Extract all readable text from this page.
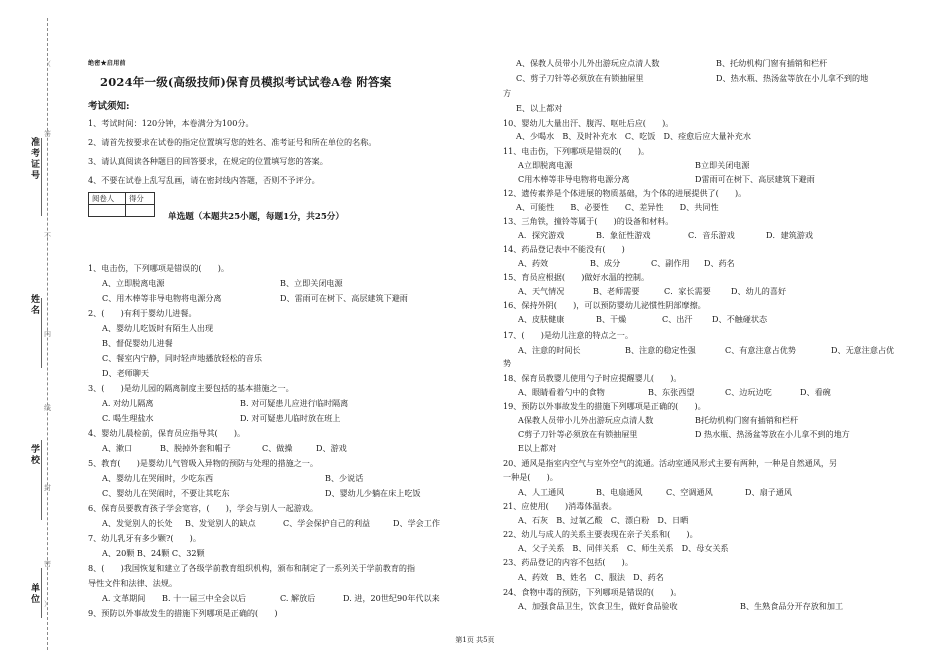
准考证号
姓名
学校
单位
（
答
不
内
线
封
密
）
绝密★启用前
2024年一级(高级技师)保育员模拟考试试卷A卷 附答案
考试须知:
1、考试时间：120分钟，本卷满分为100分。
2、请首先按要求在试卷的指定位置填写您的姓名、准考证号和所在单位的名称。
3、请认真阅读各种题目的回答要求，在规定的位置填写您的答案。
4、不要在试卷上乱写乱画，请在密封线内答题，否则不予评分。
阅卷人	得分

单选题（本题共25小题，每题1分，共25分）
1、电击伤，下列哪项是错误的(　　)。
A、立即脱离电源	B、立即关闭电源
C、用木棒等非导电物将电源分离	D、雷雨可在树下、高层建筑下避雨
2、(　　)有利于婴幼儿进餐。
A、婴幼儿吃饭时有陌生人出现
B、督促婴幼儿进餐
C、餐室内宁静，同时轻声地播放轻松的音乐
D、老师聊天
3、(　　)是幼儿园的隔离制度主要包括的基本措施之一。
A. 对幼儿隔离	B. 对可疑患儿应进行临时隔离
C. 喝生理盐水	D. 对可疑患儿临时放在班上
4、婴幼儿晨检前，保育员应指导其(　　)。
A、漱口	B、脱掉外套和帽子	C、做操	D、游戏
5、教育(　　)是婴幼儿气管吸入异物的预防与处理的措施之一。
A、婴幼儿在哭闹时，少吃东西	B、少说话
C、婴幼儿在哭闹时，不要让其吃东	D、婴幼儿少躺在床上吃饭
6、保育员要教育孩子学会宽容，(　　)，学会与别人一起游戏。
A、发觉别人的长处 B、发觉别人的缺点	C、学会保护自己的利益	D、学会工作
7、幼儿乳牙有多少颗?(　　)。
A、20颗 B、24颗 C、32颗
8、(　　)我国恢复和建立了各级学前教育组织机构，颁布和制定了一系列关于学前教育的指
导性文件和法律、法规。
A. 文革期间 B. 十一届三中全会以后	C. 解放后	D. 进，20世纪90年代以来
9、预防以外事故发生的措施下列哪项是正确的(　　)
A、保教人员带小儿外出游玩应点清人数	B、托幼机构门窗有插销和栏杆
C、剪子刀针等必须放在有锁抽屉里	D、热水瓶、热汤盆等放在小儿拿不到的地
方
E、以上都对
10、婴幼儿大量出汗、腹泻、呕吐后应(　　)。
A、少喝水　B、及时补充水　C、吃饭　D、痊愈后应大量补充水
11、电击伤，下列哪项是错误的(　　)。
A立即脱离电源	B立即关闭电源
C用木棒等非导电物将电源分离	D雷雨可在树下、高层建筑下避雨
12、遗传素养是个体进展的物质基础，为个体的进展提供了(　　)。
A、可能性　　B、必要性　　C、差异性　　D、共同性
13、三角铁，撞铃等属于(　　)的设备和材料。
A．探究游戏	B．象征性游戏	C．音乐游戏	D．建筑游戏
14、药品登记表中不能没有(　　)
A、药效	B、成分	C、副作用 D、药名
15、育员应根据(　　)做好水温的控制。
A、天气情况	B、老师需要	C．家长需要	D、幼儿的喜好
16、保持外阴(　　)，可以预防婴幼儿泌惯性阴部摩擦。
A、皮肤健康	B、干燥	C、出汗 D、不触碰状态
17、(　　)是幼儿注意的特点之一。
A、注意的时间长	B、注意的稳定性强	C、有意注意占优势	D、无意注意占优
势
18、保育员教婴儿使用勺子时应提醒婴儿(　　)。
A、眼睛看着勺中的食物	B、东张西望	C、边玩边吃	D、看碗
19、预防以外事故发生的措施下列哪项是正确的(　　)。
A保教人员带小儿外出游玩应点清人数	B托幼机构门窗有插销和栏杆
C剪子刀针等必须放在有锁抽屉里	D 热水瓶、热汤盆等放在小儿拿不到的地方
E以上都对
20、通风是指室内空气与室外空气的流通。活动室通风形式主要有两种，一种是自然通风，另
一种是(　　)。
A、人工通风	B、电扇通风	C、空调通风	D、扇子通风
21、应使用(　　)消毒体温表。
A、石灰　B、过氧乙酸　C、漂白粉　D、日晒
22、幼儿与成人的关系主要表现在亲子关系和(　　)。
A、父子关系　B、同伴关系　C、师生关系　D、母女关系
23、药品登记的内容不包括(　　)。
A、药效　B、姓名　C、服法　D、药名
24、食物中毒的预防，下列哪项是错误的(　　)。
A、加强食品卫生，饮食卫生，做好食品验收	B、生熟食品分开存放和加工
第1页 共5页
